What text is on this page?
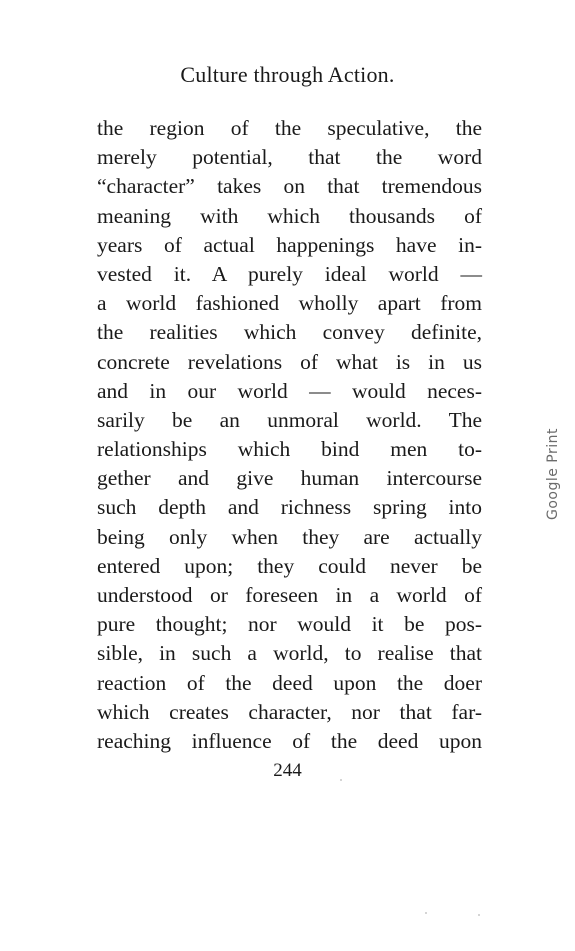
Culture through Action.
the region of the speculative, the
merely potential, that the word
“character” takes on that tremendous
meaning with which thousands of
years of actual happenings have in-
vested it. A purely ideal world —
a world fashioned wholly apart from
the realities which convey definite,
concrete revelations of what is in us
and in our world — would neces-
sarily be an unmoral world. The
relationships which bind men to-
gether and give human intercourse
such depth and richness spring into
being only when they are actually
entered upon; they could never be
understood or foreseen in a world of
pure thought; nor would it be pos-
sible, in such a world, to realise that
reaction of the deed upon the doer
which creates character, nor that far-
reaching influence of the deed upon
244
Google Print
